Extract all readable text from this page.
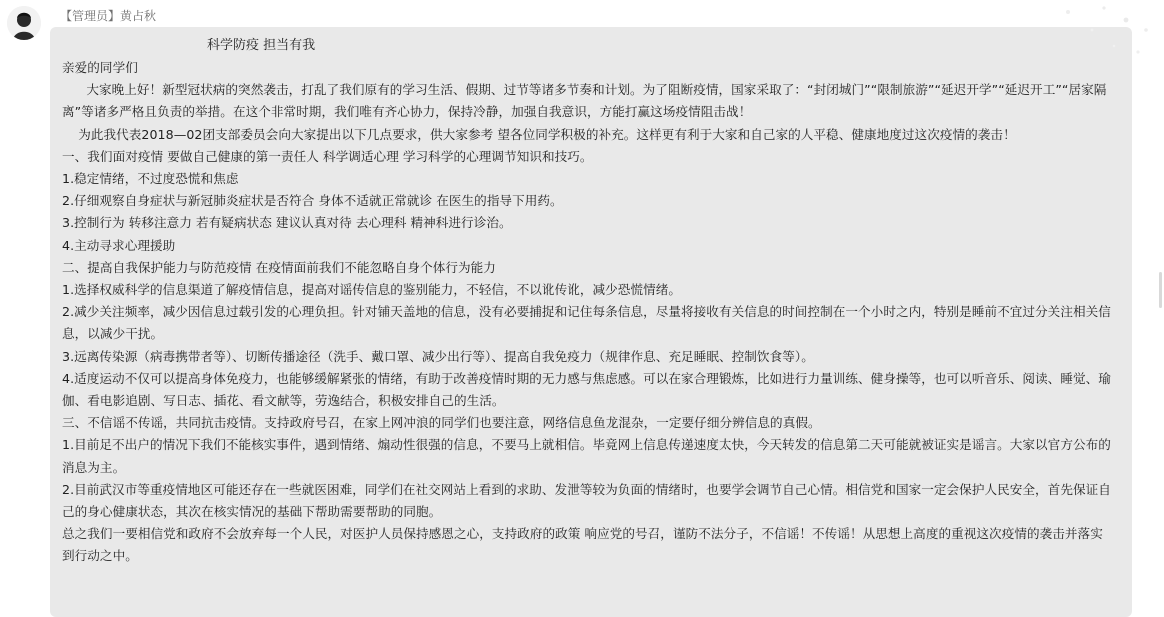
【管理员】黄占秋
科学防疫 担当有我
亲爱的同学们
大家晚上好！新型冠状病的突然袭击，打乱了我们原有的学习生活、假期、过节等诸多节奏和计划。为了阻断疫情，国家采取了：“封闭城门”“限制旅游”“延迟开学”“延迟开工”“居家隔离”等诸多严格且负责的举措。在这个非常时期，我们唯有齐心协力，保持冷静，加强自我意识，方能打赢这场疫情阻击战！
为此我代表2018—02团支部委员会向大家提出以下几点要求，供大家参考 望各位同学积极的补充。这样更有利于大家和自己家的人平稳、健康地度过这次疫情的袭击！
一、我们面对疫情 要做自己健康的第一责任人 科学调适心理 学习科学的心理调节知识和技巧。
1.稳定情绪，不过度恐慌和焦虑
2.仔细观察自身症状与新冠肺炎症状是否符合 身体不适就正常就诊 在医生的指导下用药。
3.控制行为 转移注意力 若有疑病状态 建议认真对待 去心理科 精神科进行诊治。
4.主动寻求心理援助
二、提高自我保护能力与防范疫情 在疫情面前我们不能忽略自身个体行为能力
1.选择权威科学的信息渠道了解疫情信息，提高对谣传信息的鉴别能力，不轻信，不以讹传讹，减少恐慌情绪。
2.减少关注频率，减少因信息过载引发的心理负担。针对铺天盖地的信息，没有必要捕捉和记住每条信息，尽量将接收有关信息的时间控制在一个小时之内，特别是睡前不宜过分关注相关信息，以减少干扰。
3.远离传染源（病毒携带者等）、切断传播途径（洗手、戴口罩、减少出行等）、提高自我免疫力（规律作息、充足睡眠、控制饮食等）。
4.适度运动不仅可以提高身体免疫力，也能够缓解紧张的情绪，有助于改善疫情时期的无力感与焦虑感。可以在家合理锻炼，比如进行力量训练、健身操等，也可以听音乐、阅读、睡觉、瑜伽、看电影追剧、写日志、插花、看文献等，劳逸结合，积极安排自己的生活。
三、不信谣不传谣，共同抗击疫情。支持政府号召，在家上网冲浪的同学们也要注意，网络信息鱼龙混杂，一定要仔细分辨信息的真假。
1.目前足不出户的情况下我们不能核实事件，遇到情绪、煽动性很强的信息，不要马上就相信。毕竟网上信息传递速度太快，今天转发的信息第二天可能就被证实是谣言。大家以官方公布的消息为主。
2.目前武汉市等重疫情地区可能还存在一些就医困难，同学们在社交网站上看到的求助、发泄等较为负面的情绪时，也要学会调节自己心情。相信党和国家一定会保护人民安全，首先保证自己的身心健康状态，其次在核实情况的基础下帮助需要帮助的同胞。
总之我们一要相信党和政府不会放弃每一个人民，对医护人员保持感恩之心，支持政府的政策 响应党的号召，谨防不法分子，不信谣！不传谣！从思想上高度的重视这次疫情的袭击并落实到行动之中。
